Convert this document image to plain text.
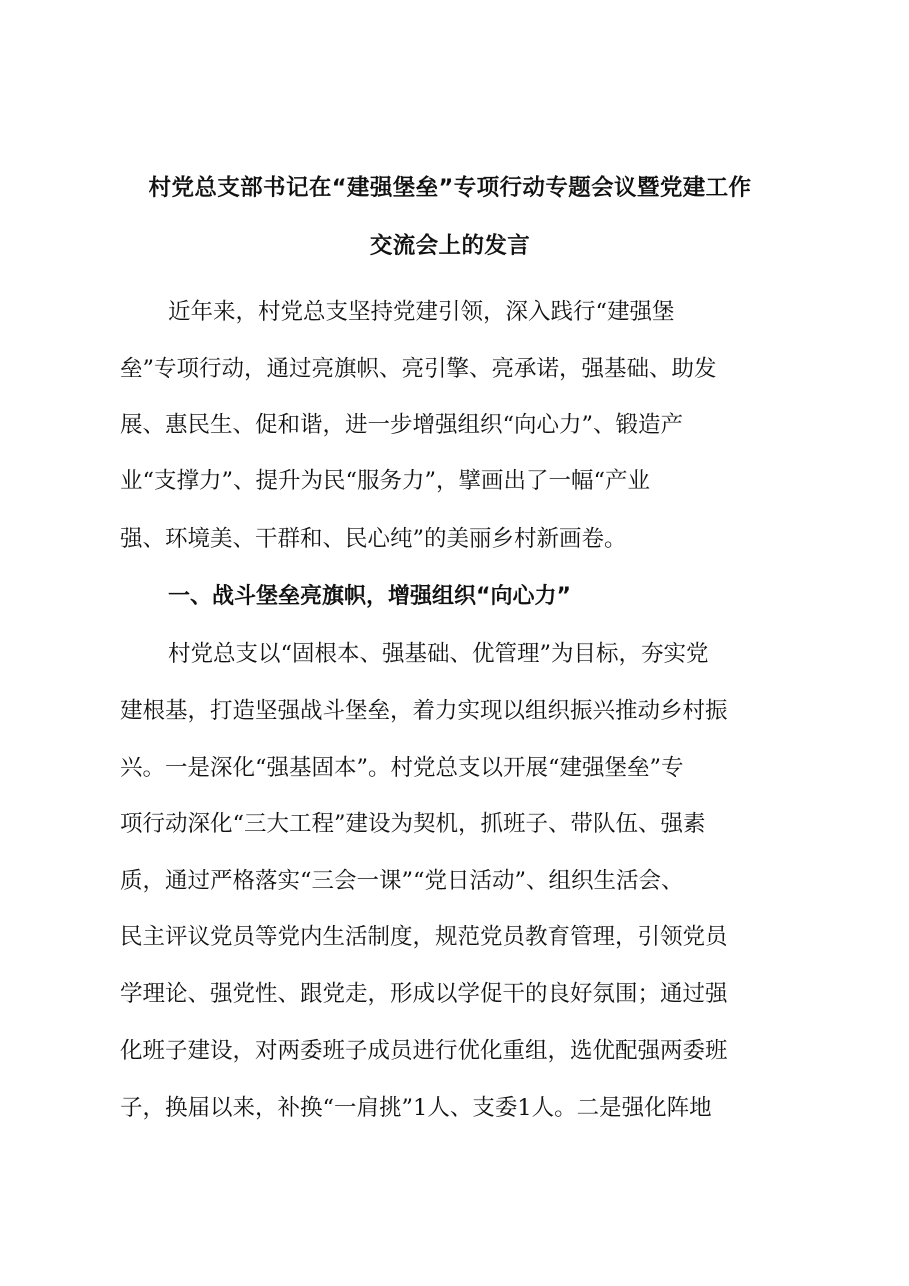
村党总支部书记在“建强堡垒”专项行动专题会议暨党建工作
交流会上的发言
近年来，村党总支坚持党建引领，深入践行“建强堡
垒”专项行动，通过亮旗帜、亮引擎、亮承诺，强基础、助发
展、惠民生、促和谐，进一步增强组织“向心力”、锻造产
业“支撑力”、提升为民“服务力”，擘画出了一幅“产业
强、环境美、干群和、民心纯”的美丽乡村新画卷。
一、战斗堡垒亮旗帜，增强组织“向心力”
村党总支以“固根本、强基础、优管理”为目标，夯实党
建根基，打造坚强战斗堡垒，着力实现以组织振兴推动乡村振
兴。一是深化“强基固本”。村党总支以开展“建强堡垒”专
项行动深化“三大工程”建设为契机，抓班子、带队伍、强素
质，通过严格落实“三会一课”“党日活动”、组织生活会、
民主评议党员等党内生活制度，规范党员教育管理，引领党员
学理论、强党性、跟党走，形成以学促干的良好氛围；通过强
化班子建设，对两委班子成员进行优化重组，选优配强两委班
子，换届以来，补换“一肩挑”1人、支委1人。二是强化阵地
